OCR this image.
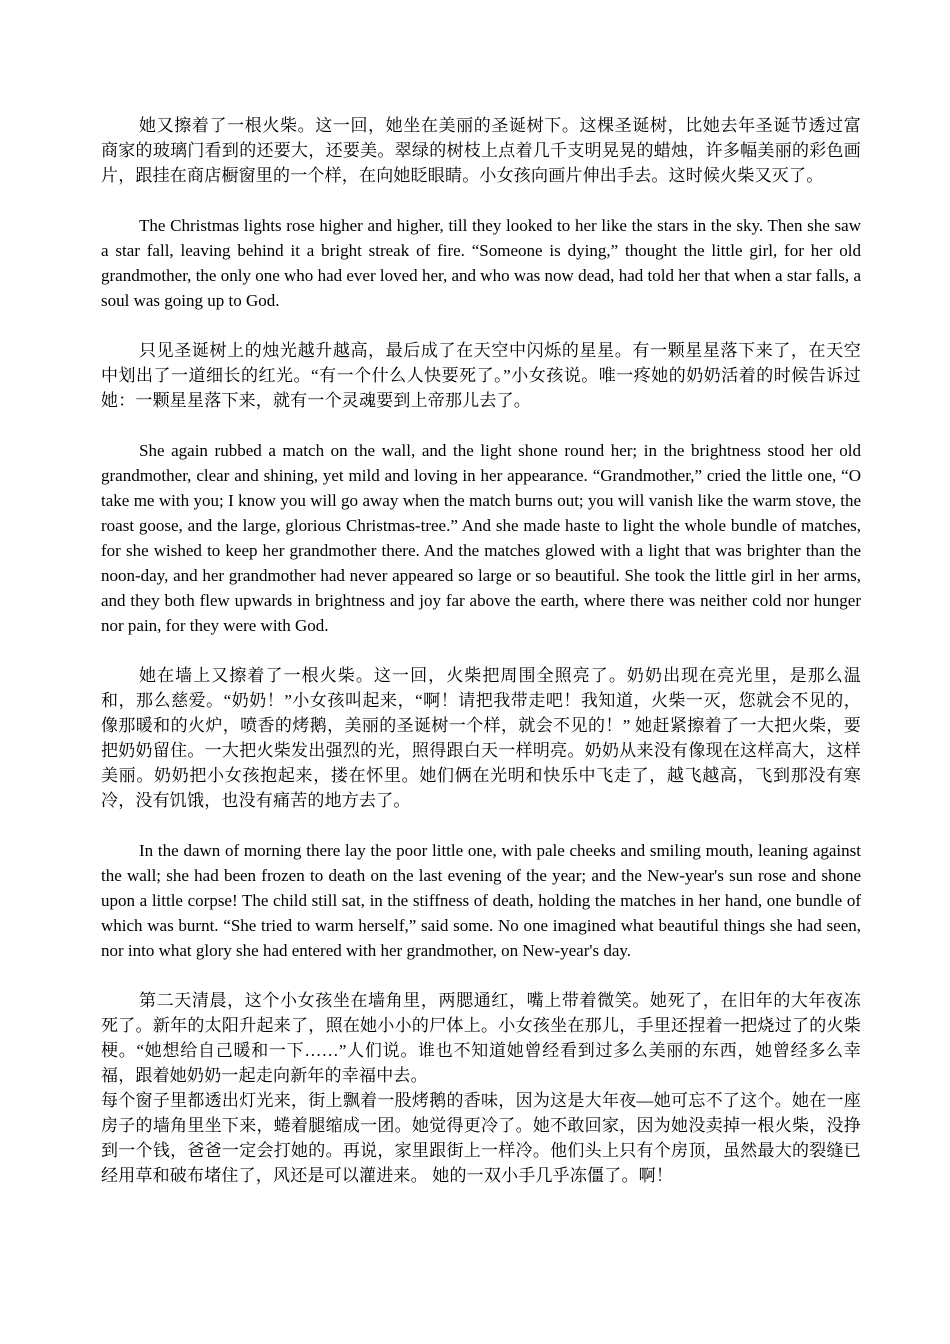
她又擦着了一根火柴。这一回，她坐在美丽的圣诞树下。这棵圣诞树，比她去年圣诞节透过富商家的玻璃门看到的还要大，还要美。翠绿的树枝上点着几千支明晃晃的蜡烛，许多幅美丽的彩色画片，跟挂在商店橱窗里的一个样，在向她眨眼睛。小女孩向画片伸出手去。这时候火柴又灭了。

The Christmas lights rose higher and higher, till they looked to her like the stars in the sky. Then she saw a star fall, leaving behind it a bright streak of fire. “Someone is dying,” thought the little girl, for her old grandmother, the only one who had ever loved her, and who was now dead, had told her that when a star falls, a soul was going up to God.

只见圣诞树上的烛光越升越高，最后成了在天空中闪烁的星星。有一颗星星落下来了，在天空中划出了一道细长的红光。“有一个什么人快要死了。”小女孩说。唯一疼她的奶奶活着的时候告诉过她：一颗星星落下来，就有一个灵魂要到上帝那儿去了。

She again rubbed a match on the wall, and the light shone round her; in the brightness stood her old grandmother, clear and shining, yet mild and loving in her appearance. “Grandmother,” cried the little one, “O take me with you; I know you will go away when the match burns out; you will vanish like the warm stove, the roast goose, and the large, glorious Christmas-tree.” And she made haste to light the whole bundle of matches, for she wished to keep her grandmother there. And the matches glowed with a light that was brighter than the noon-day, and her grandmother had never appeared so large or so beautiful. She took the little girl in her arms, and they both flew upwards in brightness and joy far above the earth, where there was neither cold nor hunger nor pain, for they were with God.

她在墙上又擦着了一根火柴。这一回，火柴把周围全照亮了。奶奶出现在亮光里，是那么温和，那么慈爱。“奶奶！”小女孩叫起来，“啊！请把我带走吧！我知道，火柴一灭，您就会不见的，像那暖和的火炉，喷香的烤鹅，美丽的圣诞树一个样，就会不见的！” 她赶紧擦着了一大把火柴，要把奶奶留住。一大把火柴发出强烈的光，照得跟白天一样明亮。奶奶从来没有像现在这样高大，这样美丽。奶奶把小女孩抱起来，搂在怀里。她们俩在光明和快乐中飞走了，越飞越高，飞到那没有寒冷，没有饥饿，也没有痛苦的地方去了。

In the dawn of morning there lay the poor little one, with pale cheeks and smiling mouth, leaning against the wall; she had been frozen to death on the last evening of the year; and the New-year's sun rose and shone upon a little corpse! The child still sat, in the stiffness of death, holding the matches in her hand, one bundle of which was burnt. “She tried to warm herself,” said some. No one imagined what beautiful things she had seen, nor into what glory she had entered with her grandmother, on New-year's day.

第二天清晨，这个小女孩坐在墙角里，两腮通红，嘴上带着微笑。她死了，在旧年的大年夜冻死了。新年的太阳升起来了，照在她小小的尸体上。小女孩坐在那儿，手里还捏着一把烧过了的火柴梗。“她想给自己暖和一下……”人们说。谁也不知道她曾经看到过多么美丽的东西，她曾经多么幸福，跟着她奶奶一起走向新年的幸福中去。

每个窗子里都透出灯光来，街上飘着一股烤鹅的香味，因为这是大年夜—她可忘不了这个。她在一座房子的墙角里坐下来，蜷着腿缩成一团。她觉得更冷了。她不敢回家，因为她没卖掉一根火柴，没挣到一个钱，爸爸一定会打她的。再说，家里跟街上一样冷。他们头上只有个房顶，虽然最大的裂缝已经用草和破布堵住了，风还是可以灌进来。 她的一双小手几乎冻僵了。啊！
